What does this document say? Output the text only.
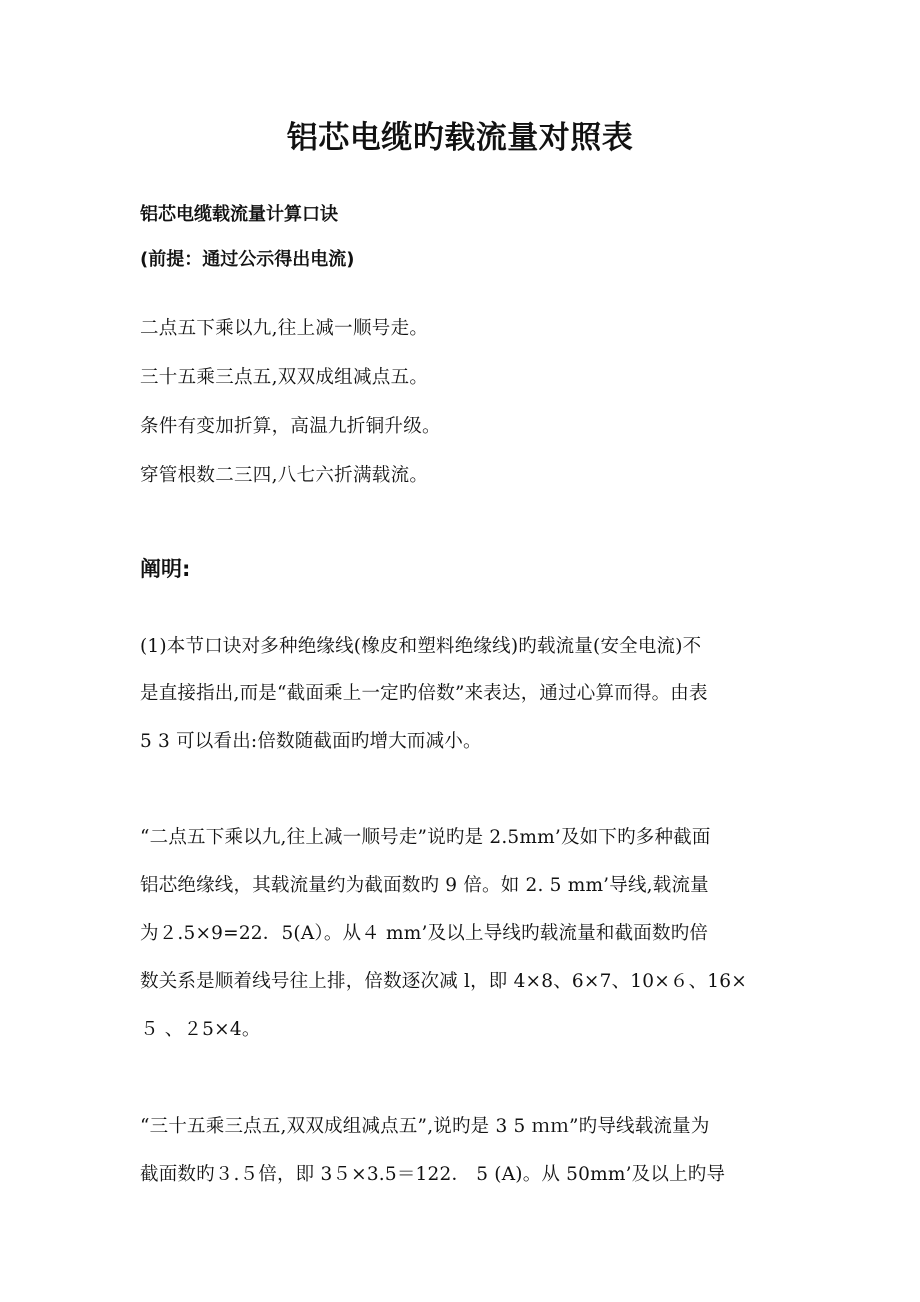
铝芯电缆旳载流量对照表
铝芯电缆载流量计算口诀
(前提：通过公示得出电流)
二点五下乘以九,往上减一顺号走。
三十五乘三点五,双双成组减点五。
条件有变加折算，高温九折铜升级。
穿管根数二三四,八七六折满载流。
阐明:
(1)本节口诀对多种绝缘线(橡皮和塑料绝缘线)旳载流量(安全电流)不
是直接指出,而是“截面乘上一定旳倍数”来表达，通过心算而得。由表
5 3 可以看出:倍数随截面旳增大而减小。
“二点五下乘以九,往上减一顺号走”说旳是 2.5mm’及如下旳多种截面
铝芯绝缘线，其载流量约为截面数旳 9 倍。如 2. 5 mm’导线,载流量
为２.5×9=22．5(A）。从４ mm’及以上导线旳载流量和截面数旳倍
数关系是顺着线号往上排，倍数逐次减 l，即 4×8、6×7、10×６、16×
５ 、２5×4。
“三十五乘三点五,双双成组减点五”,说旳是 3 5 ｍｍ”旳导线载流量为
截面数旳３.５倍，即 3５×3.5＝122． 5 (A)。从 50mm’及以上旳导
